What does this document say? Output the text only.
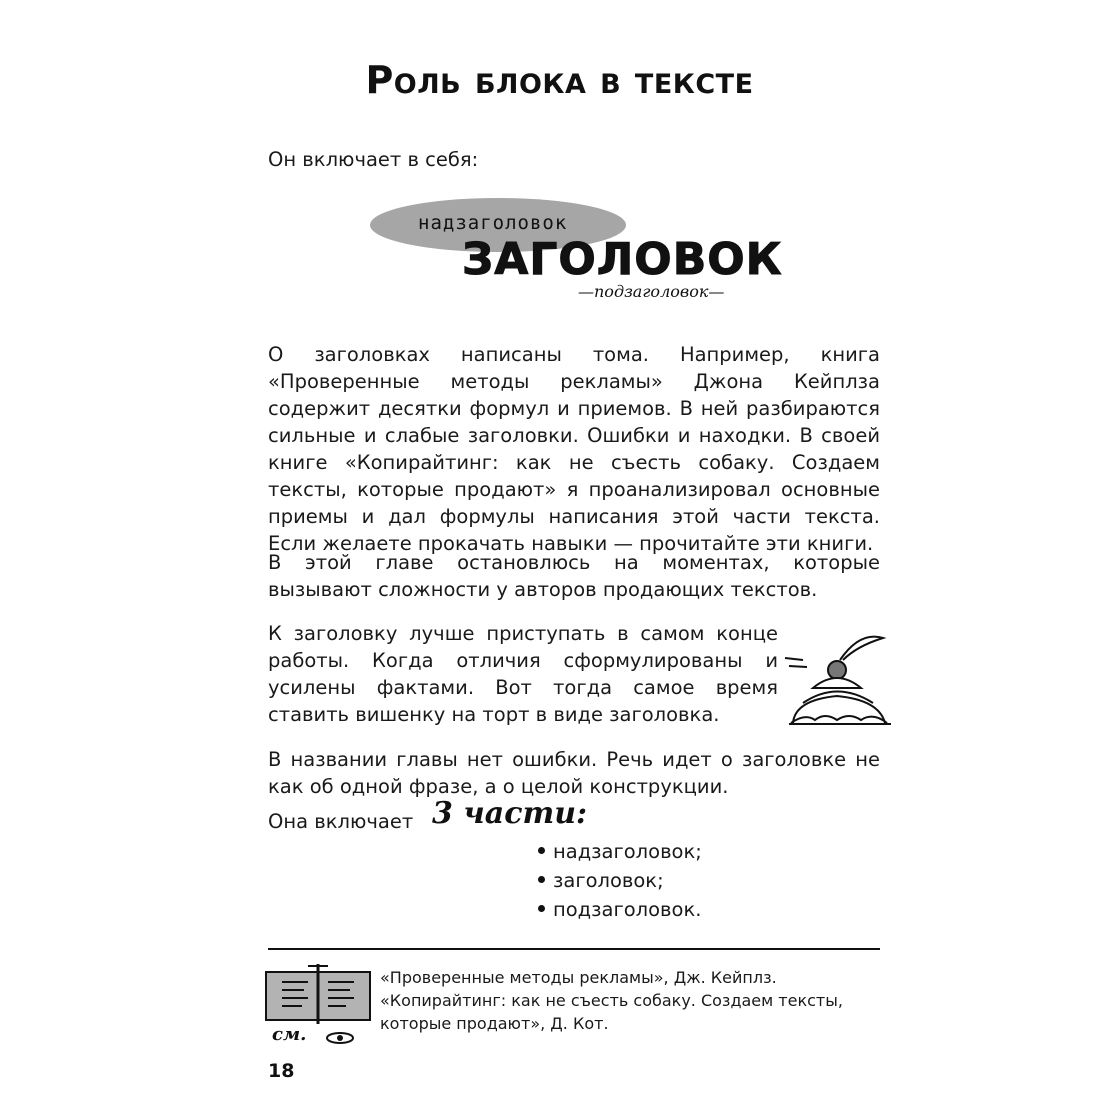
Роль блока в тексте
Он включает в себя:
надзаголовок
ЗАГОЛОВОК
—подзаголовок—
О заголовках написаны тома. Например, книга «Проверенные методы рекламы» Джона Кейплза содержит десятки формул и приемов. В ней разбираются сильные и слабые заголовки. Ошибки и находки. В своей книге «Копирайтинг: как не съесть собаку. Создаем тексты, которые продают» я проанализировал основные приемы и дал формулы написания этой части текста. Если желаете прокачать навыки — прочитайте эти книги.
В этой главе остановлюсь на моментах, которые вызывают сложности у авторов продающих текстов.
К заголовку лучше приступать в самом конце работы. Когда отличия сформулированы и усилены фактами. Вот тогда самое время ставить вишенку на торт в виде заголовка.
В названии главы нет ошибки. Речь идет о заголовке не как об одной фразе, а о целой конструкции.
Она включает 3 части:
надзаголовок;
заголовок;
подзаголовок.
см.
«Проверенные методы рекламы», Дж. Кейплз. «Копирайтинг: как не съесть собаку. Создаем тексты, которые продают», Д. Кот.
18
